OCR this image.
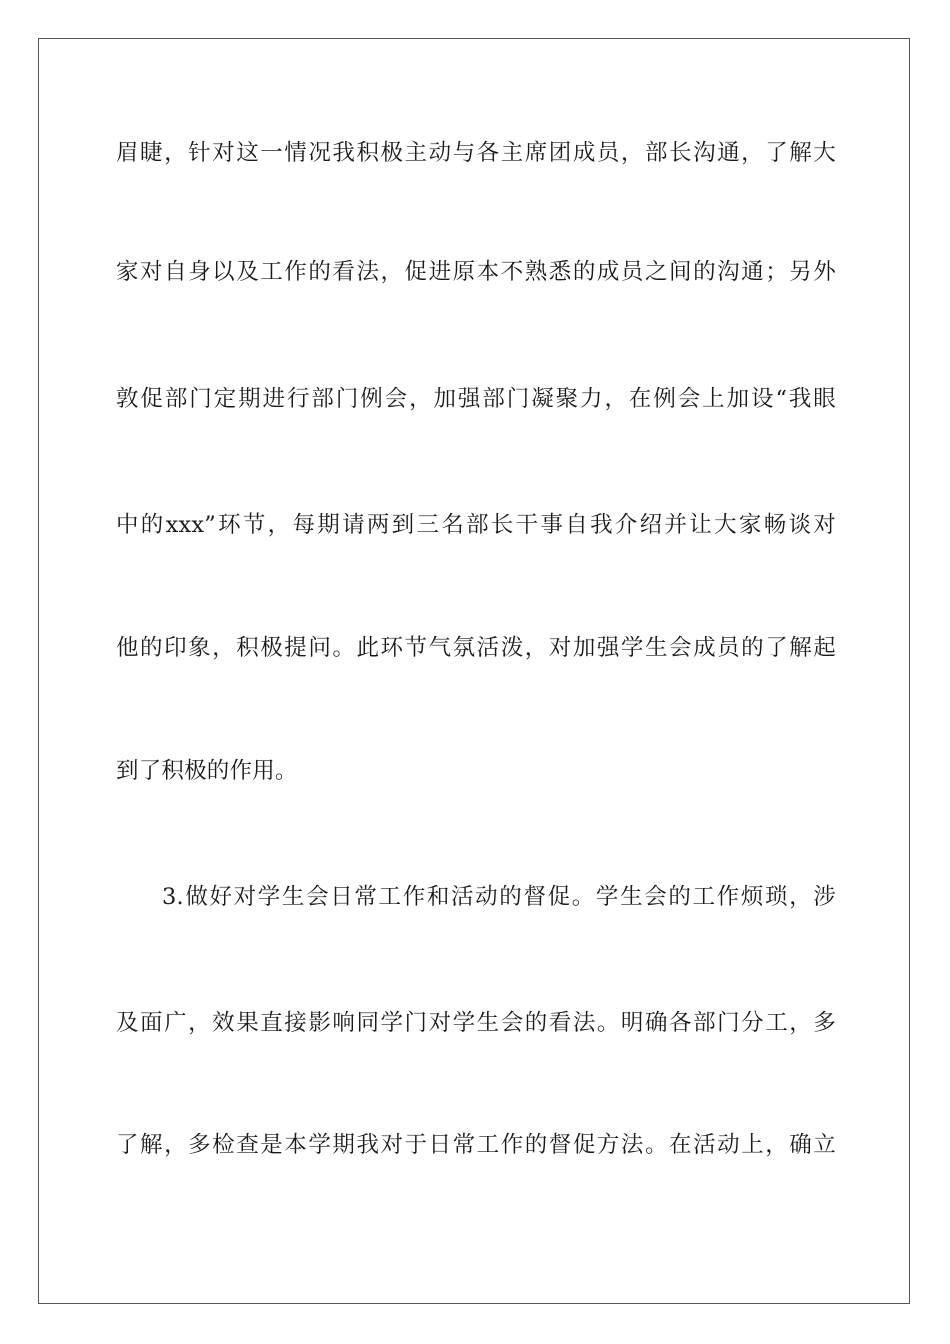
眉睫，针对这一情况我积极主动与各主席团成员，部长沟通，了解大
家对自身以及工作的看法，促进原本不熟悉的成员之间的沟通；另外
敦促部门定期进行部门例会，加强部门凝聚力，在例会上加设“我眼
中的xxx”环节，每期请两到三名部长干事自我介绍并让大家畅谈对
他的印象，积极提问。此环节气氛活泼，对加强学生会成员的了解起
到了积极的作用。
3.做好对学生会日常工作和活动的督促。学生会的工作烦琐，涉
及面广，效果直接影响同学门对学生会的看法。明确各部门分工，多
了解，多检查是本学期我对于日常工作的督促方法。在活动上，确立
